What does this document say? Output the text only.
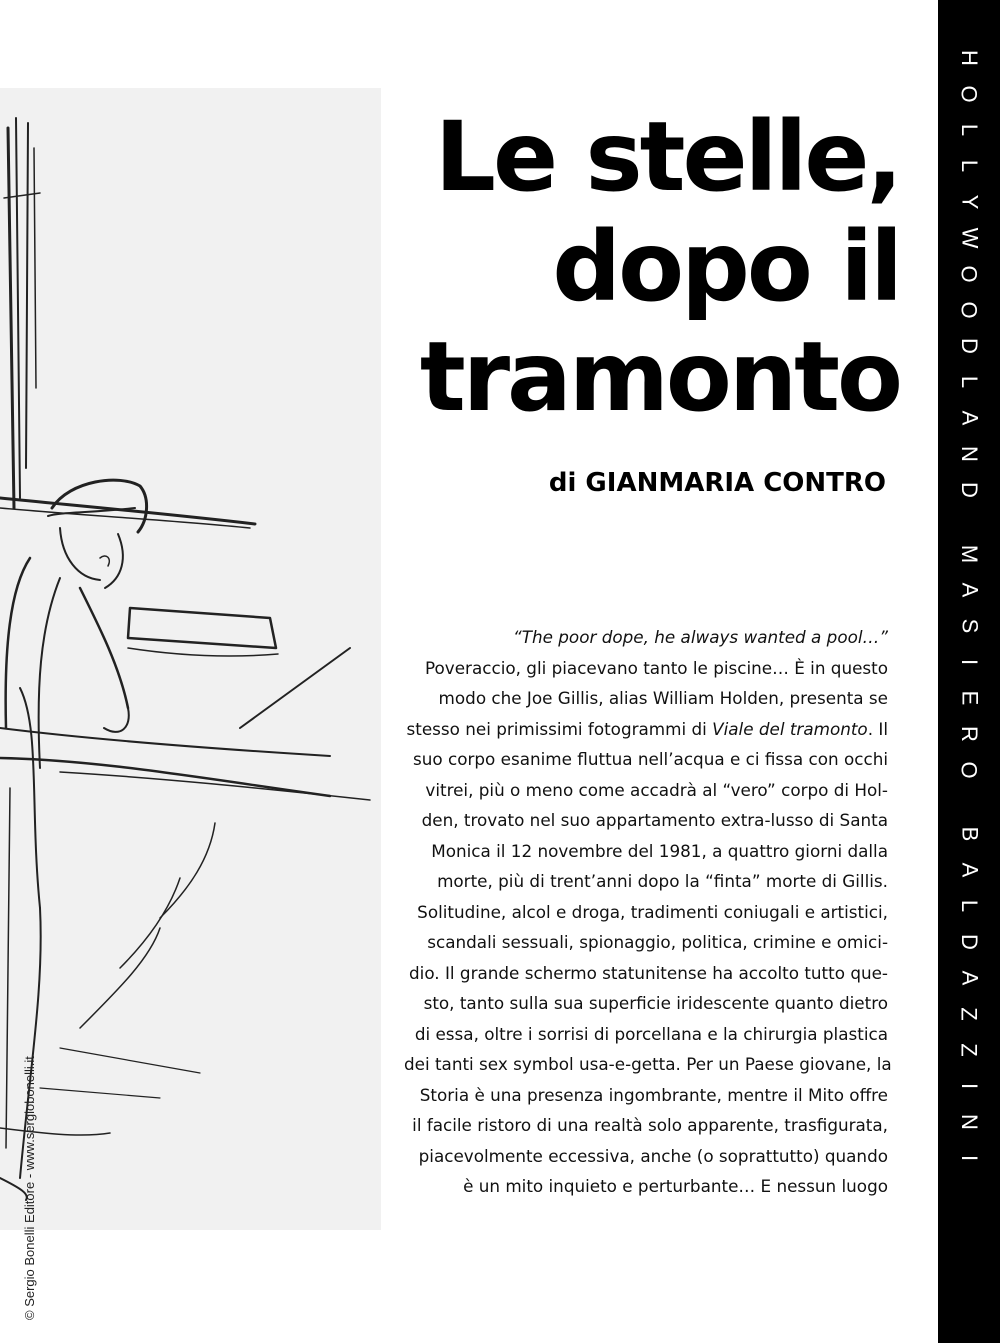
© Sergio Bonelli Editore - www.sergiobonelli.it
H
O
L
L
Y
W
O
O
D
L
A
N
D
M
A
S
I
E
R
O
B
A
L
D
A
Z
Z
I
N
I
Le stelle,
dopo il
tramonto
di GIANMARIA CONTRO

“The poor dope, he always wanted a pool…”

Poveraccio, gli piacevano tanto le piscine… È in questo

modo che Joe Gillis, alias William Holden, presenta se

stesso nei primissimi fotogrammi di Viale del tramonto. Il

suo corpo esanime fluttua nell’acqua e ci fissa con occhi

vitrei, più o meno come accadrà al “vero” corpo di Hol-

den, trovato nel suo appartamento extra-lusso di Santa

Monica il 12 novembre del 1981, a quattro giorni dalla

morte, più di trent’anni dopo la “finta” morte di Gillis.

Solitudine, alcol e droga, tradimenti coniugali e artistici,

scandali sessuali, spionaggio, politica, crimine e omici-

dio. Il grande schermo statunitense ha accolto tutto que-

sto, tanto sulla sua superficie iridescente quanto dietro

di essa, oltre i sorrisi di porcellana e la chirurgia plastica

dei tanti sex symbol usa-e-getta. Per un Paese giovane, la

Storia è una presenza ingombrante, mentre il Mito offre

il facile ristoro di una realtà solo apparente, trasfigurata,

piacevolmente eccessiva, anche (o soprattutto) quando

è un mito inquieto e perturbante… E nessun luogo
